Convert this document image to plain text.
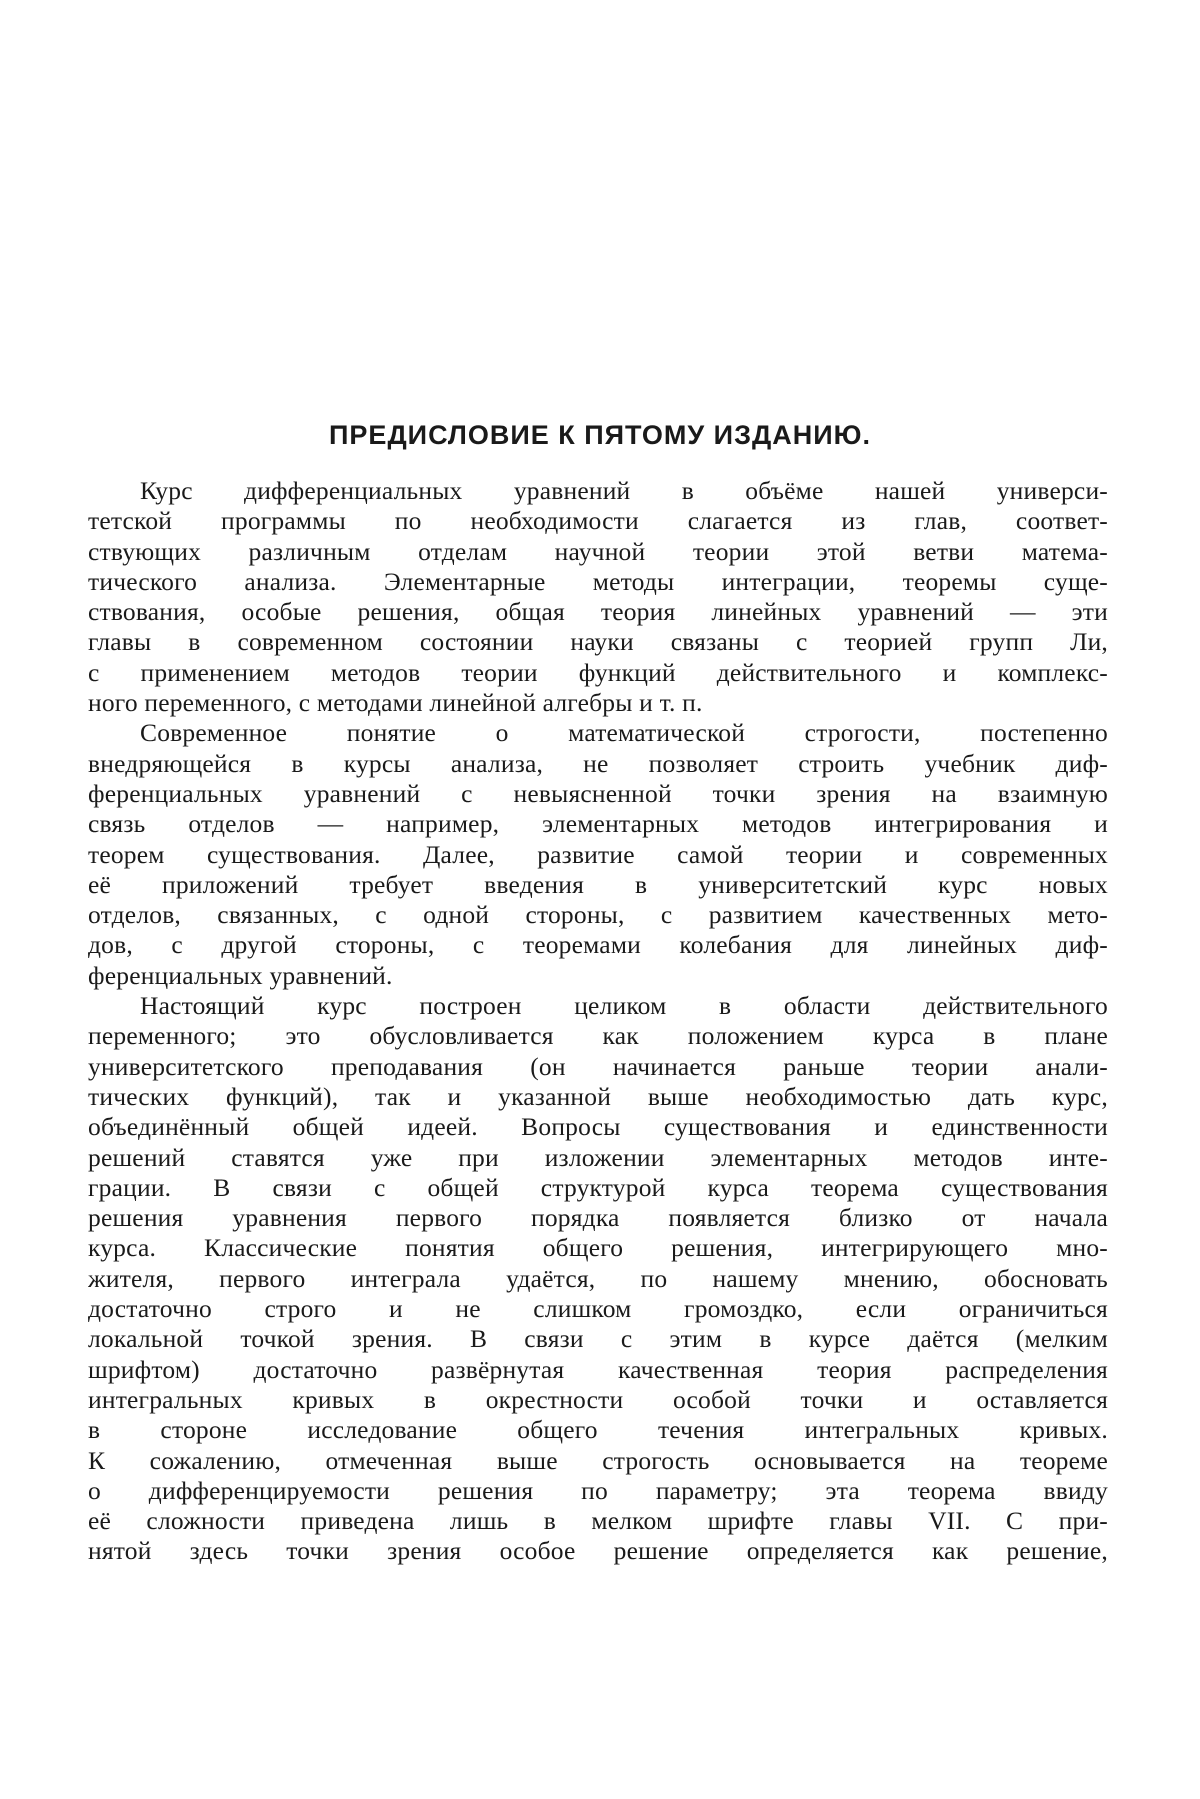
ПРЕДИСЛОВИЕ К ПЯТОМУ ИЗДАНИЮ.
Курс дифференциальных уравнений в объёме нашей универси-
тетской программы по необходимости слагается из глав, соответ-
ствующих различным отделам научной теории этой ветви матема-
тического анализа. Элементарные методы интеграции, теоремы суще-
ствования, особые решения, общая теория линейных уравнений — эти
главы в современном состоянии науки связаны с теорией групп Ли,
с применением методов теории функций действительного и комплекс-
ного переменного, с методами линейной алгебры и т. п.
Современное понятие о математической строгости, постепенно
внедряющейся в курсы анализа, не позволяет строить учебник диф-
ференциальных уравнений с невыясненной точки зрения на взаимную
связь отделов — например, элементарных методов интегрирования и
теорем существования. Далее, развитие самой теории и современных
её приложений требует введения в университетский курс новых
отделов, связанных, с одной стороны, с развитием качественных мето-
дов, с другой стороны, с теоремами колебания для линейных диф-
ференциальных уравнений.
Настоящий курс построен целиком в области действительного
переменного; это обусловливается как положением курса в плане
университетского преподавания (он начинается раньше теории анали-
тических функций), так и указанной выше необходимостью дать курс,
объединённый общей идеей. Вопросы существования и единственности
решений ставятся уже при изложении элементарных методов инте-
грации. В связи с общей структурой курса теорема существования
решения уравнения первого порядка появляется близко от начала
курса. Классические понятия общего решения, интегрирующего мно-
жителя, первого интеграла удаётся, по нашему мнению, обосновать
достаточно строго и не слишком громоздко, если ограничиться
локальной точкой зрения. В связи с этим в курсе даётся (мелким
шрифтом) достаточно развёрнутая качественная теория распределения
интегральных кривых в окрестности особой точки и оставляется
в стороне исследование общего течения интегральных кривых.
К сожалению, отмеченная выше строгость основывается на теореме
о дифференцируемости решения по параметру; эта теорема ввиду
её сложности приведена лишь в мелком шрифте главы VII. С при-
нятой здесь точки зрения особое решение определяется как решение,
